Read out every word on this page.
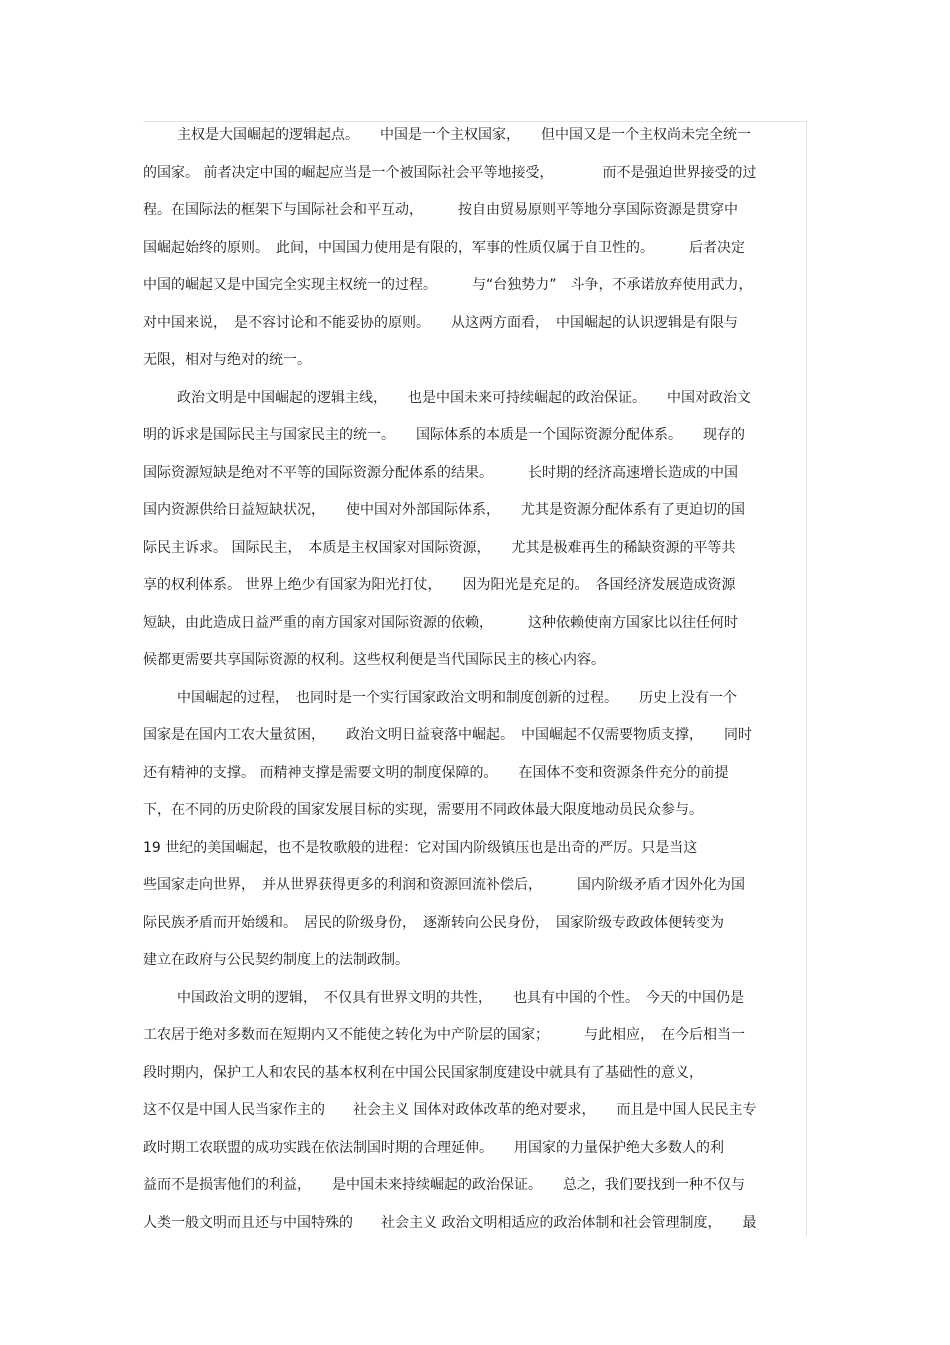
主权是大国崛起的逻辑起点。　　中国是一个主权国家，　　但中国又是一个主权尚未完全统一
的国家。 前者决定中国的崛起应当是一个被国际社会平等地接受，　　　　而不是强迫世界接受的过
程。在国际法的框架下与国际社会和平互动，　　　按自由贸易原则平等地分享国际资源是贯穿中
国崛起始终的原则。　此间，中国国力使用是有限的，军事的性质仅属于自卫性的。　　　后者决定
中国的崛起又是中国完全实现主权统一的过程。　　　与“台独势力”　斗争，不承诺放弃使用武力，
对中国来说，　是不容讨论和不能妥协的原则。　　从这两方面看，　中国崛起的认识逻辑是有限与
无限，相对与绝对的统一。
政治文明是中国崛起的逻辑主线，　　也是中国未来可持续崛起的政治保证。　　中国对政治文
明的诉求是国际民主与国家民主的统一。　　国际体系的本质是一个国际资源分配体系。　　现存的
国际资源短缺是绝对不平等的国际资源分配体系的结果。　　　长时期的经济高速增长造成的中国
国内资源供给日益短缺状况，　　使中国对外部国际体系，　　尤其是资源分配体系有了更迫切的国
际民主诉求。 国际民主，　本质是主权国家对国际资源，　　尤其是极难再生的稀缺资源的平等共
享的权利体系。 世界上绝少有国家为阳光打仗，　　因为阳光是充足的。　各国经济发展造成资源
短缺，由此造成日益严重的南方国家对国际资源的依赖，　　　这种依赖使南方国家比以往任何时
候都更需要共享国际资源的权利。这些权利便是当代国际民主的核心内容。
中国崛起的过程，　也同时是一个实行国家政治文明和制度创新的过程。　　历史上没有一个
国家是在国内工农大量贫困，　　政治文明日益衰落中崛起。　中国崛起不仅需要物质支撑，　　同时
还有精神的支撑。 而精神支撑是需要文明的制度保障的。　　在国体不变和资源条件充分的前提
下，在不同的历史阶段的国家发展目标的实现，需要用不同政体最大限度地动员民众参与。
19 世纪的美国崛起，也不是牧歌般的进程：它对国内阶级镇压也是出奇的严厉。只是当这
些国家走向世界，　并从世界获得更多的利润和资源回流补偿后，　　　国内阶级矛盾才因外化为国
际民族矛盾而开始缓和。　居民的阶级身份，　逐渐转向公民身份，　国家阶级专政政体便转变为
建立在政府与公民契约制度上的法制政制。
中国政治文明的逻辑，　不仅具有世界文明的共性，　　也具有中国的个性。　今天的中国仍是
工农居于绝对多数而在短期内又不能使之转化为中产阶层的国家；　　　与此相应，　在今后相当一
段时期内，保护工人和农民的基本权利在中国公民国家制度建设中就具有了基础性的意义，
这不仅是中国人民当家作主的　　社会主义 国体对政体改革的绝对要求，　　而且是中国人民民主专
政时期工农联盟的成功实践在依法制国时期的合理延伸。　　用国家的力量保护绝大多数人的利
益而不是损害他们的利益，　　是中国未来持续崛起的政治保证。　　总之，我们要找到一种不仅与
人类一般文明而且还与中国特殊的　　社会主义 政治文明相适应的政治体制和社会管理制度，　　最
